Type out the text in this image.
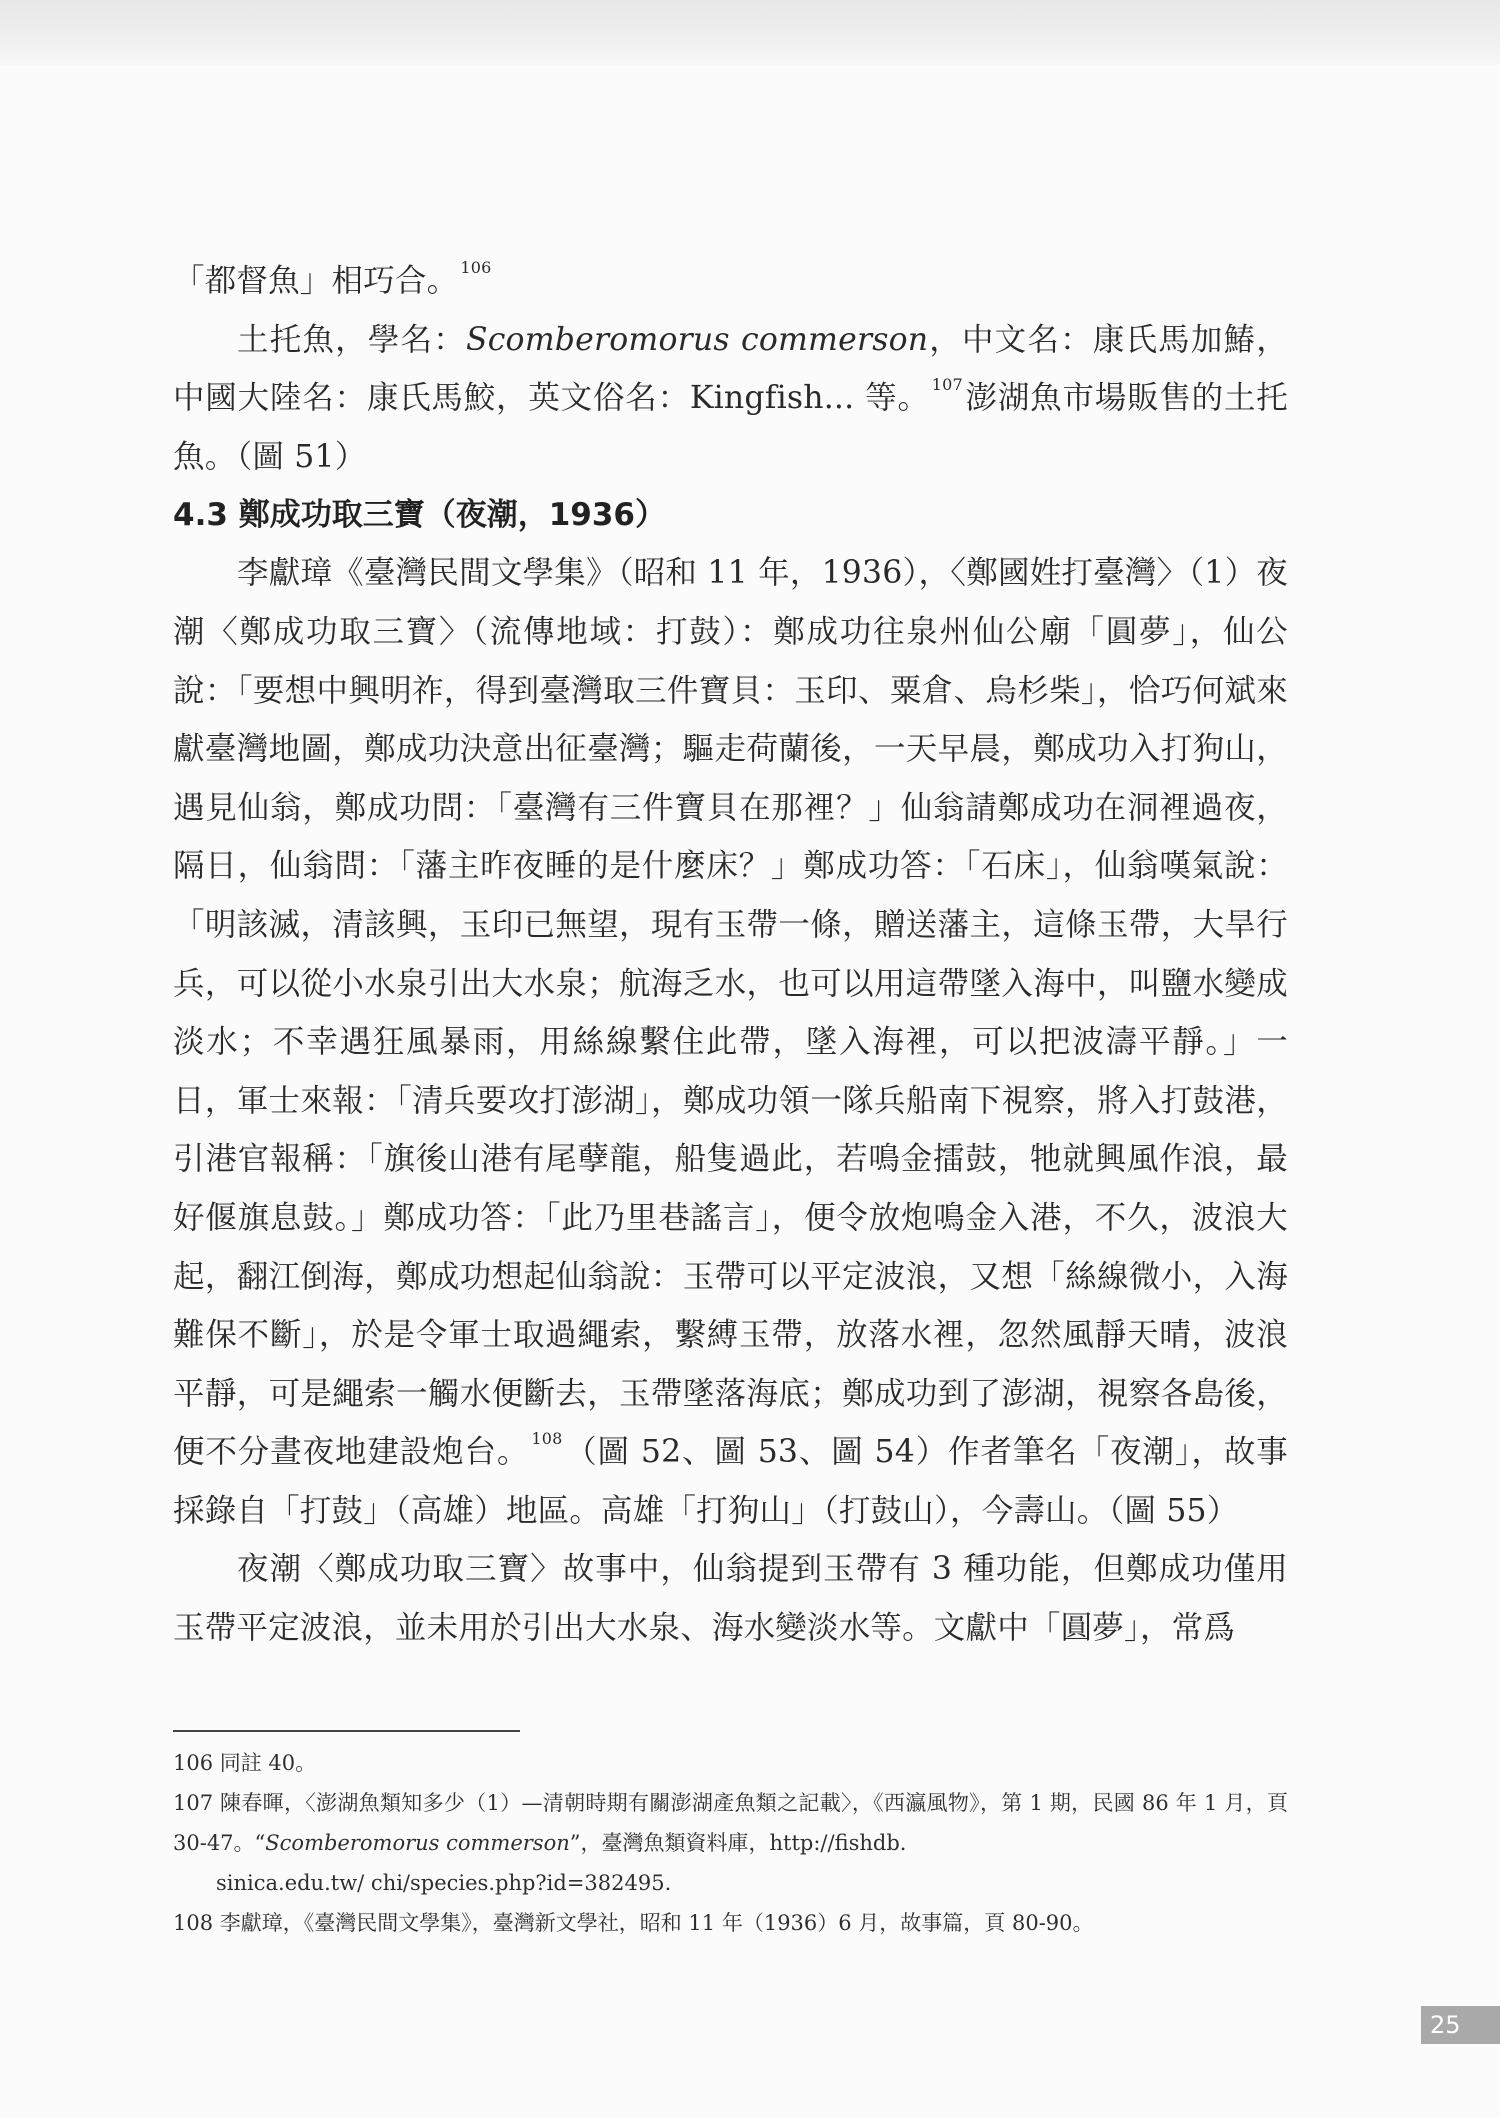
「都督魚」相巧合。 $^{106}$

土托魚，學名：Scomberomorus commerson，中文名：康氏馬加鰆，中國大陸名：康氏馬鮫，英文俗名：Kingfish... 等。 $^{107}$澎湖魚市場販售的土托魚。（圖 51）

4.3 鄭成功取三寶（夜潮，1936）

李獻璋《臺灣民間文學集》（昭和 11 年，1936），〈鄭國姓打臺灣〉（1）夜潮〈鄭成功取三寶〉（流傳地域：打鼓）：鄭成功往泉州仙公廟「圓夢」，仙公說：「要想中興明祚，得到臺灣取三件寶貝：玉印、粟倉、烏杉柴」，恰巧何斌來獻臺灣地圖，鄭成功決意出征臺灣；驅走荷蘭後，一天早晨，鄭成功入打狗山，遇見仙翁，鄭成功問：「臺灣有三件寶貝在那裡？」仙翁請鄭成功在洞裡過夜，隔日，仙翁問：「藩主昨夜睡的是什麼床？」鄭成功答：「石床」，仙翁嘆氣說：「明該滅，清該興，玉印已無望，現有玉帶一條，贈送藩主，這條玉帶，大旱行兵，可以從小水泉引出大水泉；航海乏水，也可以用這帶墜入海中，叫鹽水變成淡水；不幸遇狂風暴雨，用絲線繫住此帶，墜入海裡，可以把波濤平靜。」一日，軍士來報：「清兵要攻打澎湖」，鄭成功領一隊兵船南下視察，將入打鼓港，引港官報稱：「旗後山港有尾孽龍，船隻過此，若鳴金擂鼓，牠就興風作浪，最好偃旗息鼓。」鄭成功答：「此乃里巷謠言」，便令放炮鳴金入港，不久，波浪大起，翻江倒海，鄭成功想起仙翁說：玉帶可以平定波浪，又想「絲線微小，入海難保不斷」，於是令軍士取過繩索，繫縛玉帶，放落水裡，忽然風靜天晴，波浪平靜，可是繩索一觸水便斷去，玉帶墜落海底；鄭成功到了澎湖，視察各島後，便不分晝夜地建設炮台。 $^{108}$（圖 52、圖 53、圖 54）作者筆名「夜潮」，故事採錄自「打鼓」（高雄）地區。高雄「打狗山」（打鼓山），今壽山。（圖 55）

夜潮〈鄭成功取三寶〉故事中，仙翁提到玉帶有 3 種功能，但鄭成功僅用玉帶平定波浪，並未用於引出大水泉、海水變淡水等。文獻中「圓夢」，常爲

106 同註 40。

107 陳春暉，〈澎湖魚類知多少（1）—清朝時期有關澎湖產魚類之記載〉，《西瀛風物》，第 1 期，民國 86 年 1 月，頁 30-47。“Scomberomorus commerson”，臺灣魚類資料庫，http://fishdb.

sinica.edu.tw/ chi/species.php?id=382495.

108 李獻璋，《臺灣民間文學集》，臺灣新文學社，昭和 11 年（1936）6 月，故事篇，頁 80-90。

25
